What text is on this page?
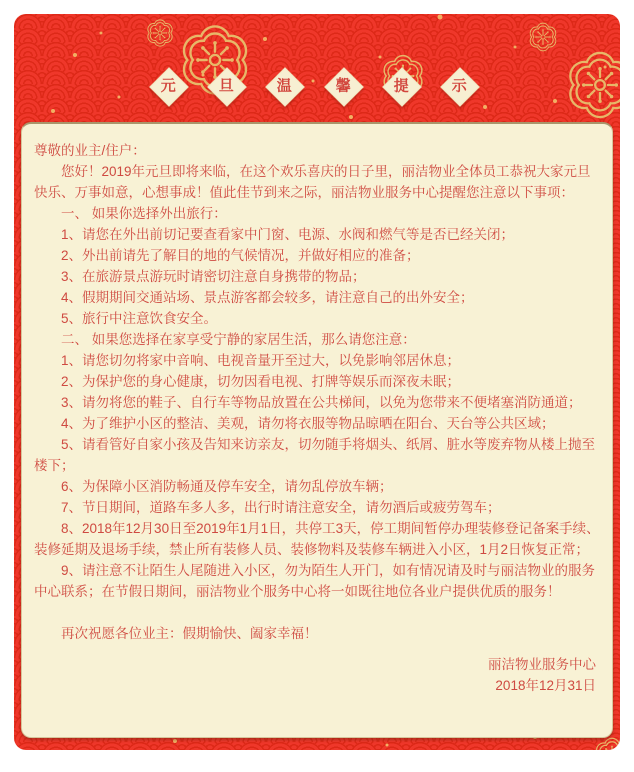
元	旦	温	馨	提	示

尊敬的业主/住户：

您好！2019年元旦即将来临，在这个欢乐喜庆的日子里，丽洁物业全体员工恭祝大家元旦快乐、万事如意，心想事成！值此佳节到来之际，丽洁物业服务中心提醒您注意以下事项：

一、 如果你选择外出旅行：

1、请您在外出前切记要查看家中门窗、电源、水阀和燃气等是否已经关闭；

2、外出前请先了解目的地的气候情况，并做好相应的准备；

3、在旅游景点游玩时请密切注意自身携带的物品；

4、假期期间交通站场、景点游客都会较多，请注意自己的出外安全；

5、旅行中注意饮食安全。

二、 如果您选择在家享受宁静的家居生活，那么请您注意：

1、请您切勿将家中音响、电视音量开至过大，以免影响邻居休息；

2、为保护您的身心健康，切勿因看电视、打牌等娱乐而深夜未眠；

3、请勿将您的鞋子、自行车等物品放置在公共梯间，以免为您带来不便堵塞消防通道；

4、为了维护小区的整洁、美观，请勿将衣服等物品晾晒在阳台、天台等公共区域；

5、请看管好自家小孩及告知来访亲友，切勿随手将烟头、纸屑、脏水等废弃物从楼上抛至楼下；

6、为保障小区消防畅通及停车安全，请勿乱停放车辆；

7、节日期间，道路车多人多，出行时请注意安全，请勿酒后或疲劳驾车；

8、2018年12月30日至2019年1月1日，共停工3天，停工期间暂停办理装修登记备案手续、装修延期及退场手续，禁止所有装修人员、装修物料及装修车辆进入小区，1月2日恢复正常；

9、请注意不让陌生人尾随进入小区，勿为陌生人开门，如有情况请及时与丽洁物业的服务中心联系；在节假日期间，丽洁物业个服务中心将一如既往地位各业户提供优质的服务！

再次祝愿各位业主：假期愉快、阖家幸福！

丽洁物业服务中心

2018年12月31日
